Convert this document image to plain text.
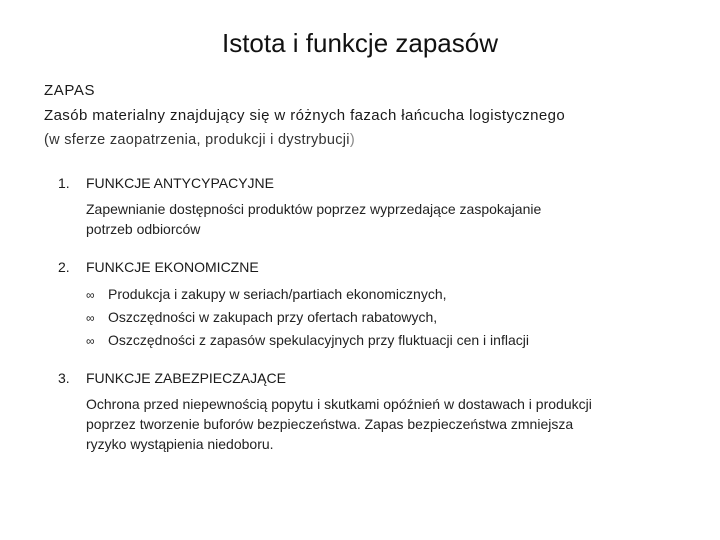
Istota i funkcje zapasów
ZAPAS
Zasób materialny znajdujący się w różnych fazach łańcucha logistycznego
(w sferze zaopatrzenia, produkcji i dystrybucji)
1. FUNKCJE ANTYCYPACYJNE
Zapewnianie dostępności produktów poprzez wyprzedające zaspokajanie
potrzeb odbiorców
2. FUNKCJE EKONOMICZNE
∞ Produkcja i zakupy w seriach/partiach ekonomicznych,
∞ Oszczędności w zakupach przy ofertach rabatowych,
∞ Oszczędności z zapasów spekulacyjnych przy fluktuacji cen i inflacji
3. FUNKCJE ZABEZPIECZAJĄCE
Ochrona przed niepewnością popytu i skutkami opóźnień w dostawach i produkcji
poprzez tworzenie buforów bezpieczeństwa. Zapas bezpieczeństwa zmniejsza
ryzyko wystąpienia niedoboru.
